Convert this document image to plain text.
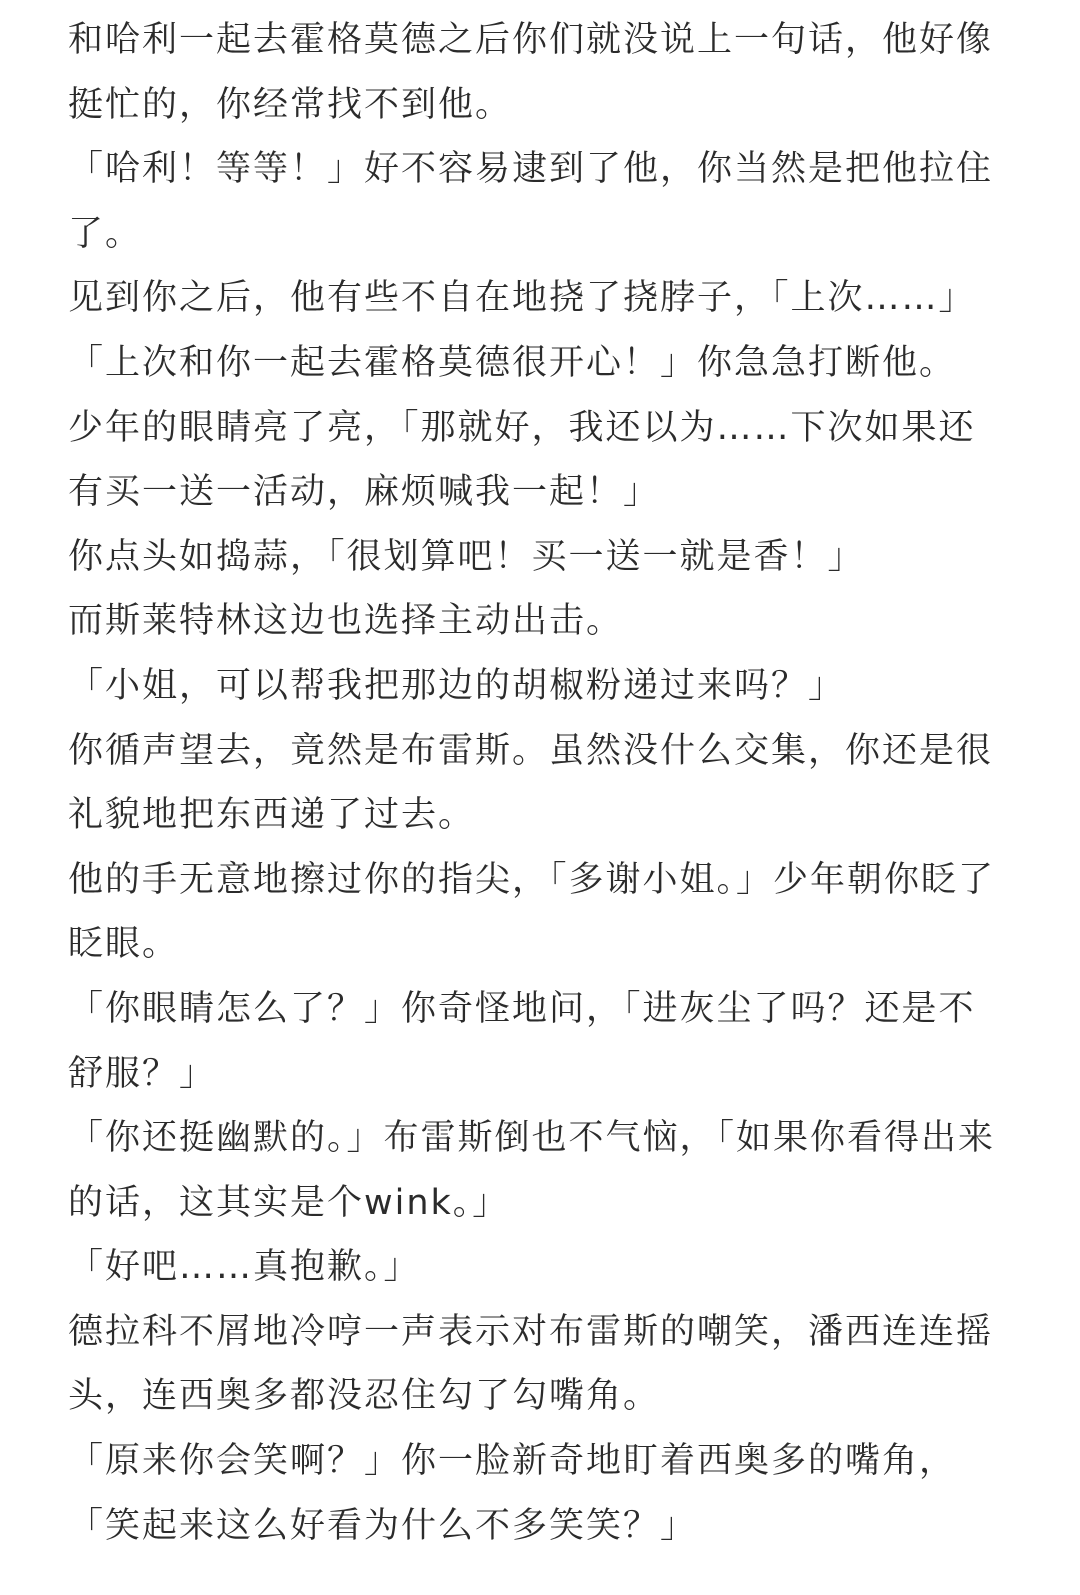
和哈利一起去霍格莫德之后你们就没说上一句话，他好像挺忙的，你经常找不到他。

「哈利！等等！」好不容易逮到了他，你当然是把他拉住了。

见到你之后，他有些不自在地挠了挠脖子，「上次……」

「上次和你一起去霍格莫德很开心！」你急急打断他。

少年的眼睛亮了亮，「那就好，我还以为……下次如果还有买一送一活动，麻烦喊我一起！」

你点头如捣蒜，「很划算吧！买一送一就是香！」

而斯莱特林这边也选择主动出击。

「小姐，可以帮我把那边的胡椒粉递过来吗？」

你循声望去，竟然是布雷斯。虽然没什么交集，你还是很礼貌地把东西递了过去。

他的手无意地擦过你的指尖，「多谢小姐。」少年朝你眨了眨眼。

「你眼睛怎么了？」你奇怪地问，「进灰尘了吗？还是不舒服？」

「你还挺幽默的。」布雷斯倒也不气恼，「如果你看得出来的话，这其实是个wink。」

「好吧……真抱歉。」

德拉科不屑地冷哼一声表示对布雷斯的嘲笑，潘西连连摇头，连西奥多都没忍住勾了勾嘴角。

「原来你会笑啊？」你一脸新奇地盯着西奥多的嘴角，「笑起来这么好看为什么不多笑笑？」
